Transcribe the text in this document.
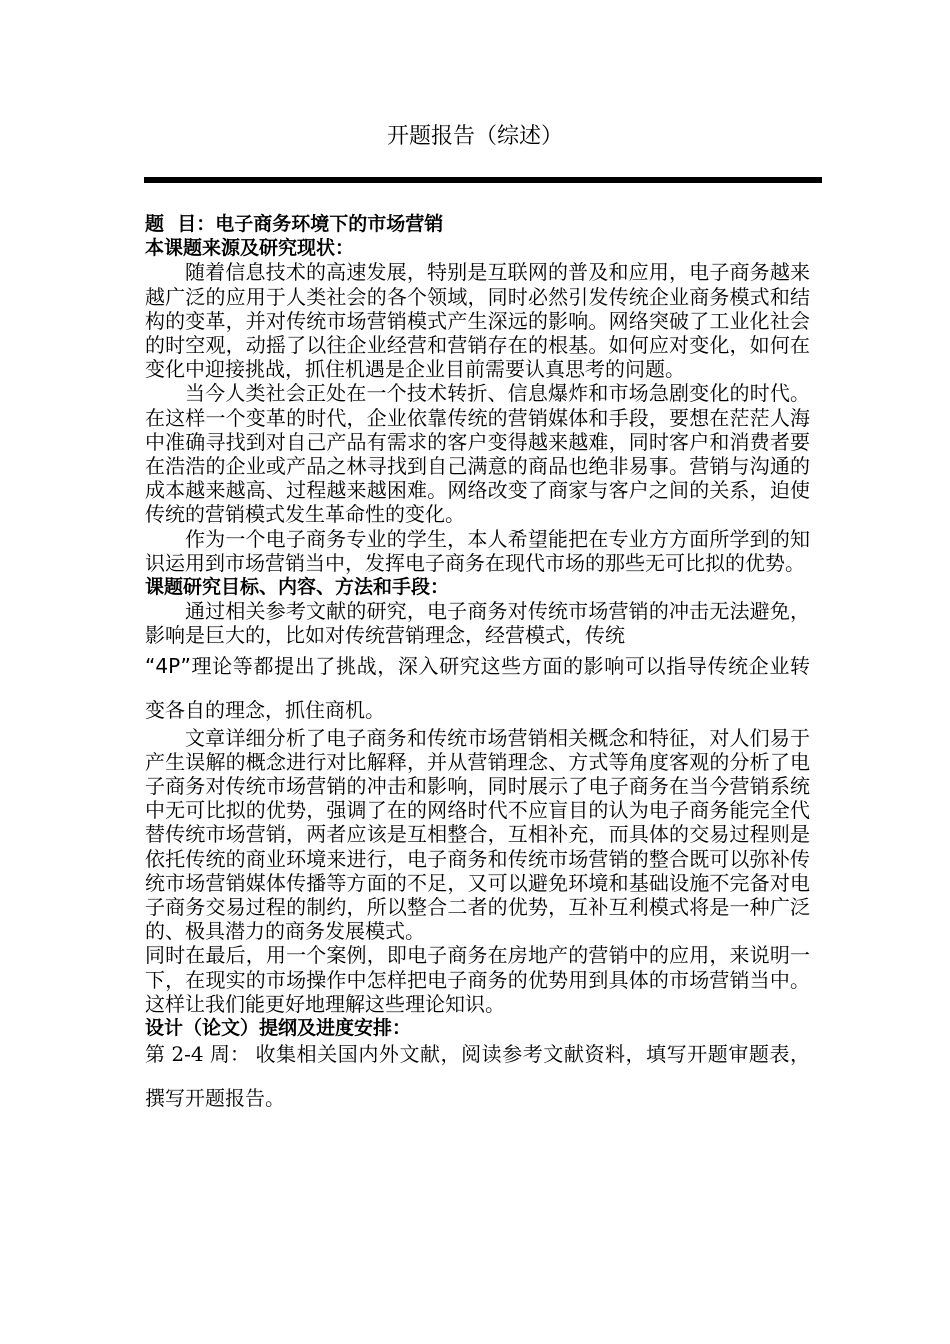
开题报告（综述）
题  目：电子商务环境下的市场营销
本课题来源及研究现状：

随着信息技术的高速发展，特别是互联网的普及和应用，电子商务越来越广泛的应用于人类社会的各个领域，同时必然引发传统企业商务模式和结构的变革，并对传统市场营销模式产生深远的影响。网络突破了工业化社会的时空观，动摇了以往企业经营和营销存在的根基。如何应对变化，如何在变化中迎接挑战，抓住机遇是企业目前需要认真思考的问题。

当今人类社会正处在一个技术转折、信息爆炸和市场急剧变化的时代。在这样一个变革的时代，企业依靠传统的营销媒体和手段，要想在茫茫人海中准确寻找到对自己产品有需求的客户变得越来越难，同时客户和消费者要在浩浩的企业或产品之林寻找到自己满意的商品也绝非易事。营销与沟通的成本越来越高、过程越来越困难。网络改变了商家与客户之间的关系，迫使传统的营销模式发生革命性的变化。

作为一个电子商务专业的学生，本人希望能把在专业方方面所学到的知识运用到市场营销当中，发挥电子商务在现代市场的那些无可比拟的优势。

课题研究目标、内容、方法和手段：

通过相关参考文献的研究，电子商务对传统市场营销的冲击无法避免，影响是巨大的，比如对传统营销理念，经营模式，传统

“4P”理论等都提出了挑战，深入研究这些方面的影响可以指导传统企业转变各自的理念，抓住商机。

文章详细分析了电子商务和传统市场营销相关概念和特征，对人们易于产生误解的概念进行对比解释，并从营销理念、方式等角度客观的分析了电子商务对传统市场营销的冲击和影响，同时展示了电子商务在当今营销系统中无可比拟的优势，强调了在的网络时代不应盲目的认为电子商务能完全代替传统市场营销，两者应该是互相整合，互相补充，而具体的交易过程则是依托传统的商业环境来进行，电子商务和传统市场营销的整合既可以弥补传统市场营销媒体传播等方面的不足，又可以避免环境和基础设施不完备对电子商务交易过程的制约，所以整合二者的优势，互补互利模式将是一种广泛的、极具潜力的商务发展模式。

同时在最后，用一个案例，即电子商务在房地产的营销中的应用，来说明一下，在现实的市场操作中怎样把电子商务的优势用到具体的市场营销当中。这样让我们能更好地理解这些理论知识。

设计（论文）提纲及进度安排：
第 2-4 周： 收集相关国内外文献，阅读参考文献资料，填写开题审题表，撰写开题报告。
